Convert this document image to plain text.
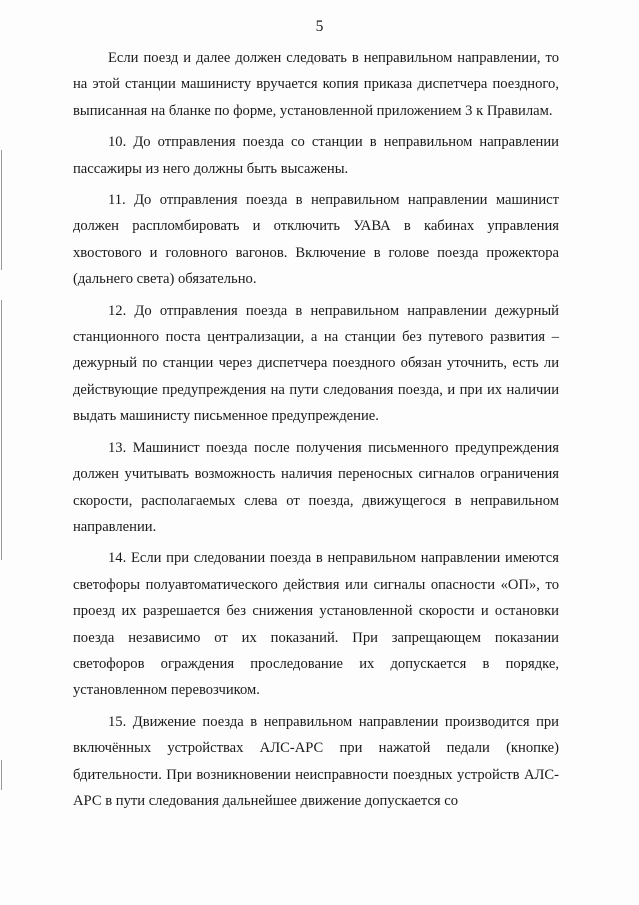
5

Если поезд и далее должен следовать в неправильном направлении, то на этой станции машинисту вручается копия приказа диспетчера поездного, выписанная на бланке по форме, установленной приложением 3 к Правилам.

10. До отправления поезда со станции в неправильном направлении пассажиры из него должны быть высажены.

11. До отправления поезда в неправильном направлении машинист должен распломбировать и отключить УАВА в кабинах управления хвостового и головного вагонов. Включение в голове поезда прожектора (дальнего света) обязательно.

12. До отправления поезда в неправильном направлении дежурный станционного поста централизации, а на станции без путевого развития – дежурный по станции через диспетчера поездного обязан уточнить, есть ли действующие предупреждения на пути следования поезда, и при их наличии выдать машинисту письменное предупреждение.

13. Машинист поезда после получения письменного предупреждения должен учитывать возможность наличия переносных сигналов ограничения скорости, располагаемых слева от поезда, движущегося в неправильном направлении.

14. Если при следовании поезда в неправильном направлении имеются светофоры полуавтоматического действия или сигналы опасности «ОП», то проезд их разрешается без снижения установленной скорости и остановки поезда независимо от их показаний. При запрещающем показании светофоров ограждения проследование их допускается в порядке, установленном перевозчиком.

15. Движение поезда в неправильном направлении производится при включённых устройствах АЛС-АРС при нажатой педали (кнопке) бдительности. При возникновении неисправности поездных устройств АЛС-АРС в пути следования дальнейшее движение допускается со
